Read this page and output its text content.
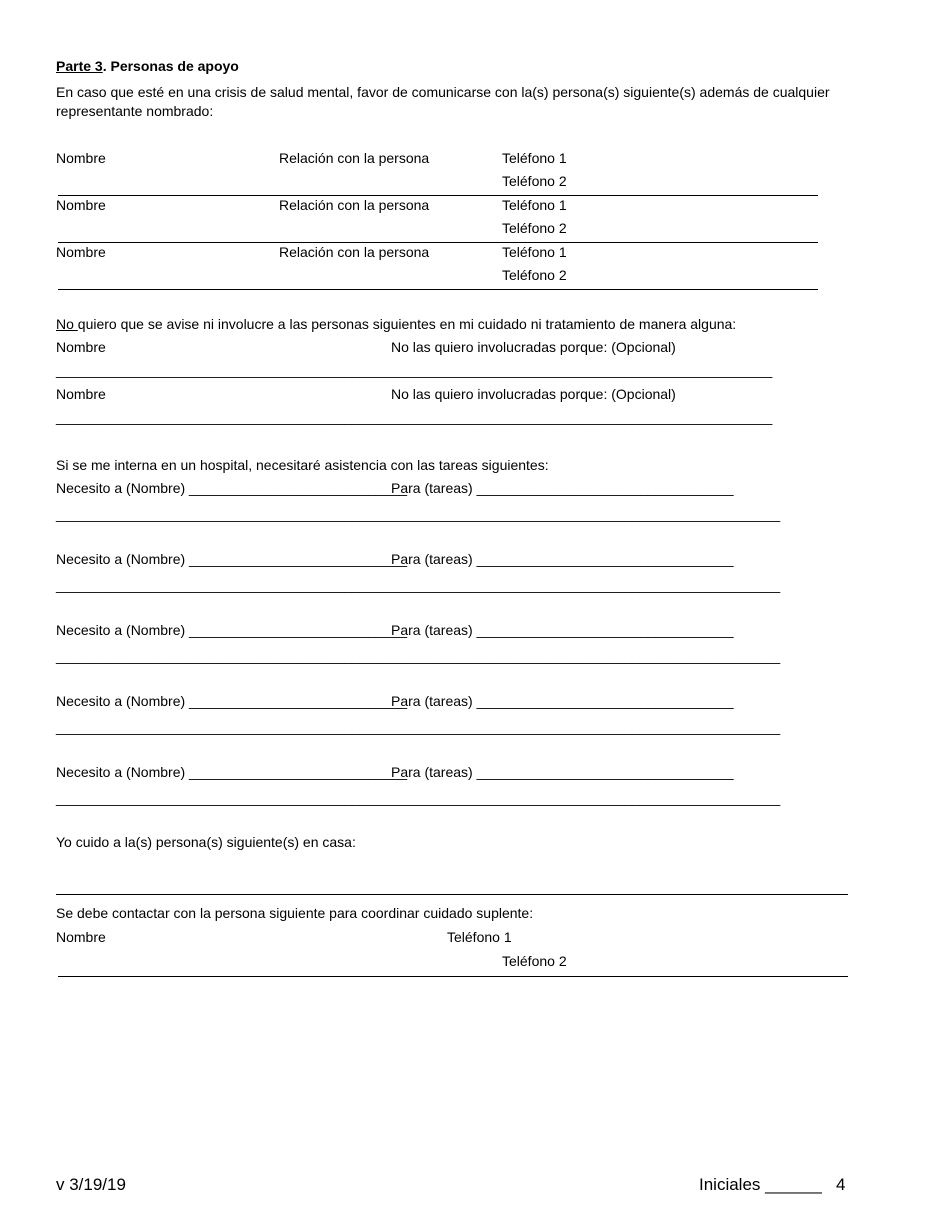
Parte 3. Personas de apoyo
En caso que esté en una crisis de salud mental, favor de comunicarse con la(s) persona(s) siguiente(s) además de cualquier
representante nombrado:
Nombre	Relación con la persona	Teléfono 1
Teléfono 2
Nombre	Relación con la persona	Teléfono 1
Teléfono 2
Nombre	Relación con la persona	Teléfono 1
Teléfono 2
No quiero que se avise ni involucre a las personas siguientes en mi cuidado ni tratamiento de manera alguna:
Nombre	No las quiero involucradas porque: (Opcional)
____________________________________________________________________________________________
Nombre	No las quiero involucradas porque: (Opcional)
____________________________________________________________________________________________
Si se me interna en un hospital, necesitaré asistencia con las tareas siguientes:
Necesito a (Nombre) ____________________________
Para (tareas) _________________________________
_____________________________________________________________________________________________
Necesito a (Nombre) ____________________________
Para (tareas) _________________________________
_____________________________________________________________________________________________
Necesito a (Nombre) ____________________________
Para (tareas) _________________________________
_____________________________________________________________________________________________
Necesito a (Nombre) ____________________________
Para (tareas) _________________________________
_____________________________________________________________________________________________
Necesito a (Nombre) ____________________________
Para (tareas) _________________________________
_____________________________________________________________________________________________
Yo cuido a la(s) persona(s) siguiente(s) en casa:
Se debe contactar con la persona siguiente para coordinar cuidado suplente:
Nombre	Teléfono 1
Teléfono 2
v 3/19/19	Iniciales ______ 4
